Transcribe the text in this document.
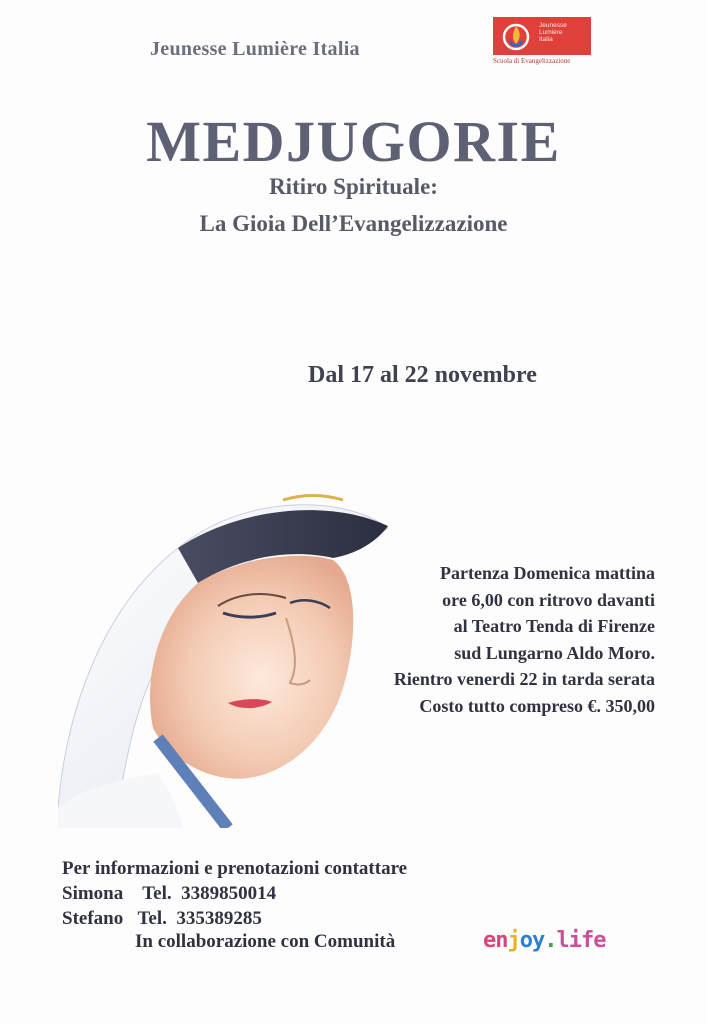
Jeunesse Lumière Italia
Jeunesse
Lumière
Italia
Scuola di Evangelizzazione
MEDJUGORIE
Ritiro Spirituale:
La Gioia Dell’Evangelizzazione
Dal 17 al 22 novembre
Partenza Domenica mattina
ore 6,00 con ritrovo davanti
al Teatro Tenda di Firenze
sud Lungarno Aldo Moro.
Rientro venerdi 22 in tarda serata
Costo tutto compreso €. 350,00
Per informazioni e prenotazioni contattare
Simona Tel. 3389850014
Stefano Tel. 335389285
In collaborazione con Comunità	enjoy.life
